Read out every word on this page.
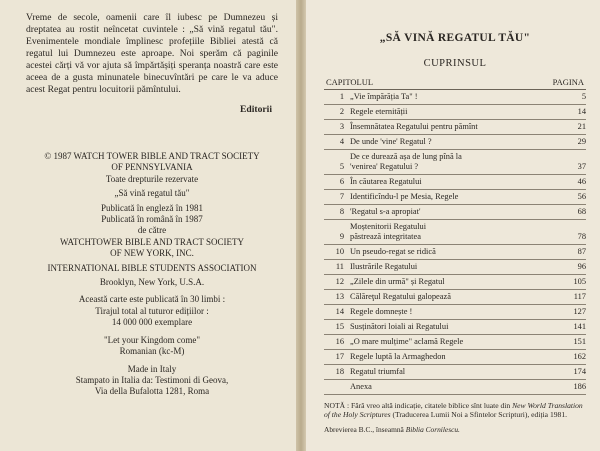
Vreme de secole, oamenii care îl iubesc pe Dumnezeu și dreptatea au rostit neîncetat cuvintele : „Să vină regatul tău". Evenimentele mondiale împlinesc profețiile Bibliei atestă că regatul lui Dumnezeu este aproape. Noi sperăm că paginile acestei cărți vă vor ajuta să împărtășiți speranța noastră care este aceea de a gusta minunatele binecuvîntări pe care le va aduce acest Regat pentru locuitorii pămîntului.

Editorii
© 1987 WATCH TOWER BIBLE AND TRACT SOCIETY
OF PENNSYLVANIA
Toate drepturile rezervate
„Să vină regatul tău"
Publicată în engleză în 1981
Publicată în română în 1987
de către
WATCHTOWER BIBLE AND TRACT SOCIETY
OF NEW YORK, INC.
INTERNATIONAL BIBLE STUDENTS ASSOCIATION
Brooklyn, New York, U.S.A.
Această carte este publicată în 30 limbi :
Tirajul total al tuturor edițiilor :
14 000 000 exemplare
"Let your Kingdom come"
Romanian (kc-M)
Made in Italy
Stampato in Italia da: Testimoni di Geova,
Via della Bufalotta 1281, Roma
„SĂ VINĂ REGATUL TĂU"
CUPRINSUL
CAPITOLUL	PAGINA
1 „Vie împărăția Ta" !	5
2 Regele eternității	14
3 Însemnătatea Regatului pentru pămînt	21
4 De unde 'vine' Regatul ?	29
5
De ce durează așa de lung pînă la
'venirea' Regatului ?	37
6 În căutarea Regatului	46
7 Identificîndu-l pe Mesia, Regele	56
8 'Regatul s-a apropiat'	68
9
Moștenitorii Regatului
păstrează integritatea	78
10 Un pseudo-regat se ridică	87
11 Ilustrările Regatului	96
12 „Zilele din urmă" și Regatul	105
13 Călăreţul Regatului galopează	117
14 Regele domnește !	127
15 Susținători loiali ai Regatului	141
16 „O mare mulțime" aclamă Regele	151
17 Regele luptă la Armaghedon	162
18 Regatul triumfal	174
Anexa	186
NOTĂ : Fără vreo altă indicație, citatele biblice sînt luate din New World Translation of the Holy Scriptures (Traducerea Lumii Noi a Sfintelor Scripturi), ediția 1981.
Abrevierea B.C., înseamnă Biblia Cornilescu.
